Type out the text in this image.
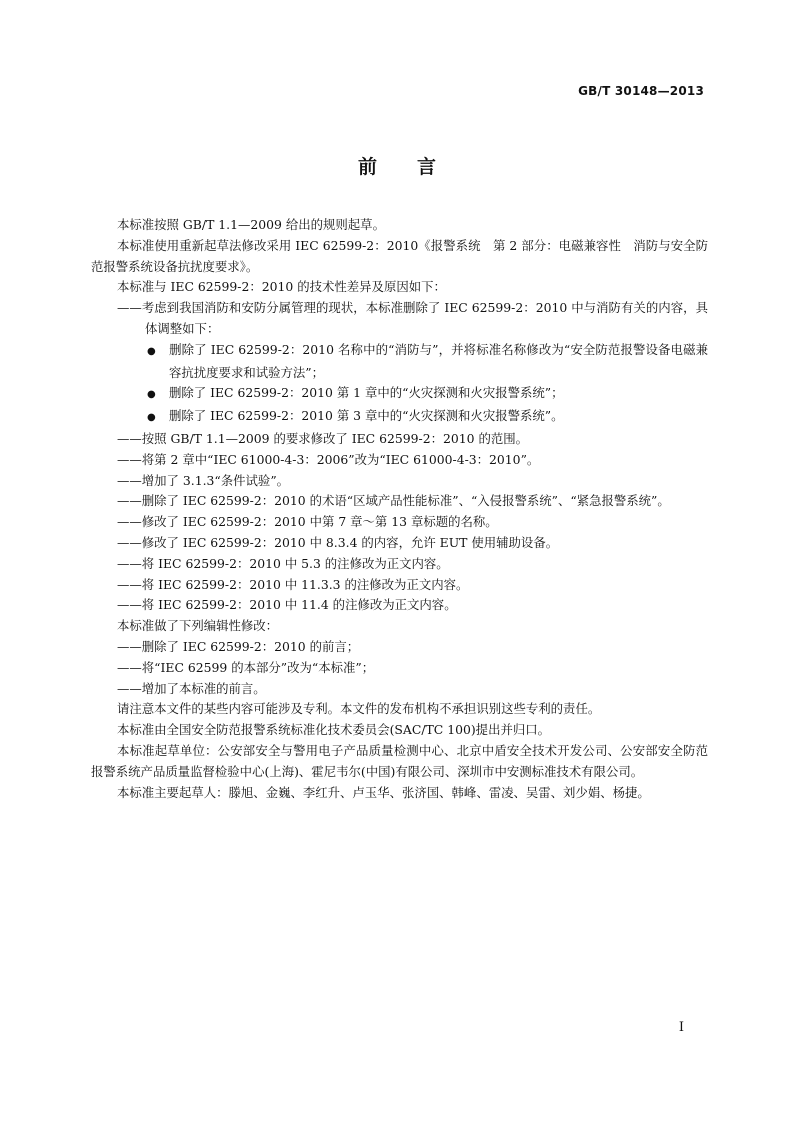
GB/T 30148—2013
前言

本标准按照 GB/T 1.1—2009 给出的规则起草。

本标准使用重新起草法修改采用 IEC 62599-2：2010《报警系统　第 2 部分：电磁兼容性　消防与安全防范报警系统设备抗扰度要求》。

本标准与 IEC 62599-2：2010 的技术性差异及原因如下：

——考虑到我国消防和安防分属管理的现状，本标准删除了 IEC 62599-2：2010 中与消防有关的内容，具体调整如下：

● 删除了 IEC 62599-2：2010 名称中的“消防与”，并将标准名称修改为“安全防范报警设备电磁兼容抗扰度要求和试验方法”；

● 删除了 IEC 62599-2：2010 第 1 章中的“火灾探测和火灾报警系统”；

● 删除了 IEC 62599-2：2010 第 3 章中的“火灾探测和火灾报警系统”。

——按照 GB/T 1.1—2009 的要求修改了 IEC 62599-2：2010 的范围。

——将第 2 章中“IEC 61000-4-3：2006”改为“IEC 61000-4-3：2010”。

——增加了 3.1.3“条件试验”。

——删除了 IEC 62599-2：2010 的术语“区域产品性能标准”、“入侵报警系统”、“紧急报警系统”。

——修改了 IEC 62599-2：2010 中第 7 章～第 13 章标题的名称。

——修改了 IEC 62599-2：2010 中 8.3.4 的内容，允许 EUT 使用辅助设备。

——将 IEC 62599-2：2010 中 5.3 的注修改为正文内容。

——将 IEC 62599-2：2010 中 11.3.3 的注修改为正文内容。

——将 IEC 62599-2：2010 中 11.4 的注修改为正文内容。

本标准做了下列编辑性修改：

——删除了 IEC 62599-2：2010 的前言；

——将“IEC 62599 的本部分”改为“本标准”；

——增加了本标准的前言。

请注意本文件的某些内容可能涉及专利。本文件的发布机构不承担识别这些专利的责任。

本标准由全国安全防范报警系统标准化技术委员会(SAC/TC 100)提出并归口。

本标准起草单位：公安部安全与警用电子产品质量检测中心、北京中盾安全技术开发公司、公安部安全防范报警系统产品质量监督检验中心(上海)、霍尼韦尔(中国)有限公司、深圳市中安测标准技术有限公司。

本标准主要起草人：滕旭、金巍、李红升、卢玉华、张济国、韩峰、雷凌、吴雷、刘少娟、杨捷。

I
